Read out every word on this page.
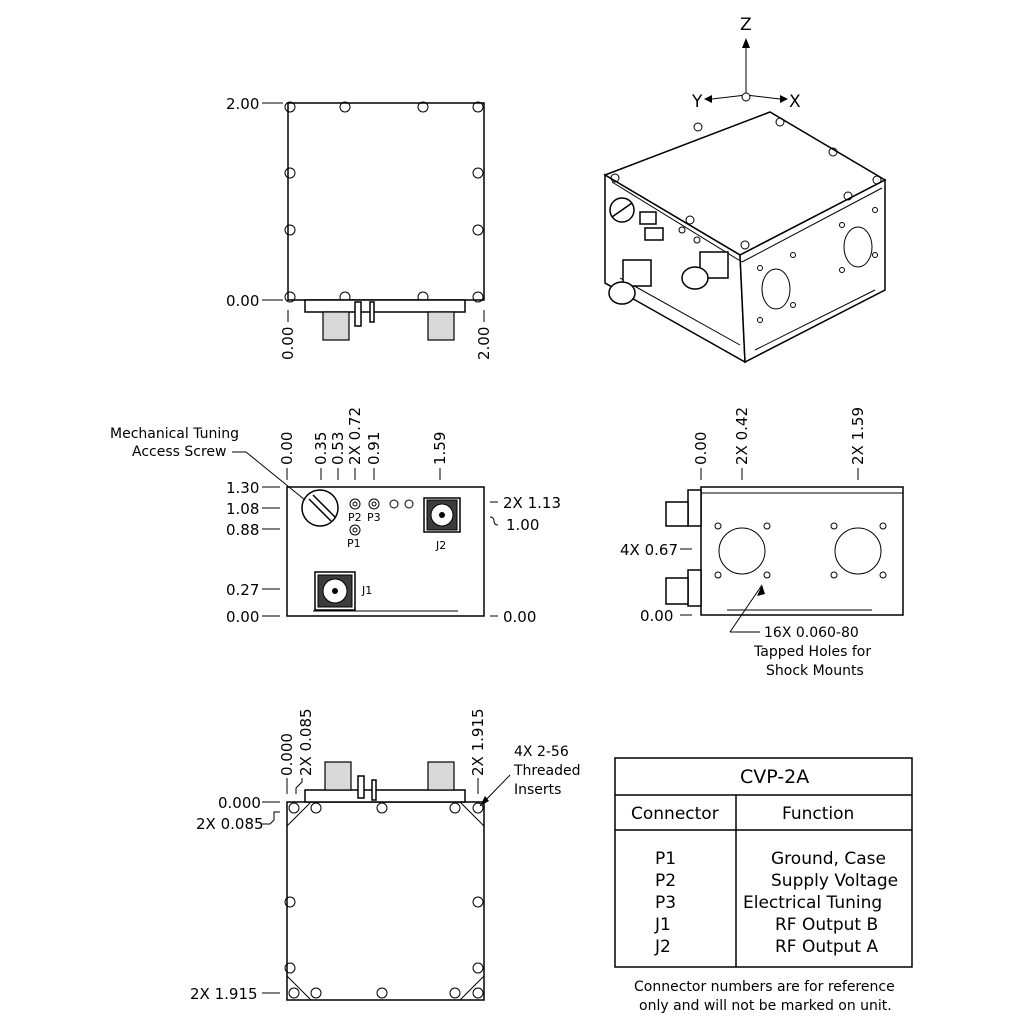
Z
Y	X
2.00
0.00
0.00	2.00
P2 P3
P1	J2
J1
Mechanical Tuning
Access Screw	0.00 0.35 0.53 2X 0.72 0.91	1.59
1.30
1.08
0.88
0.27
0.00
2X 1.13
1.00
0.00
0.00 2X 0.42	2X 1.59
4X 0.67
0.00
16X 0.060-80
Tapped Holes for
Shock Mounts
0.000 2X 0.085	2X 1.915
0.000
2X 0.085
2X 1.915
4X 2-56
Threaded
Inserts
CVP-2A
Connector	Function
P1	Ground, Case
P2	Supply Voltage
P3	Electrical Tuning
J1	RF Output B
J2	RF Output A
Connector numbers are for reference
only and will not be marked on unit.
